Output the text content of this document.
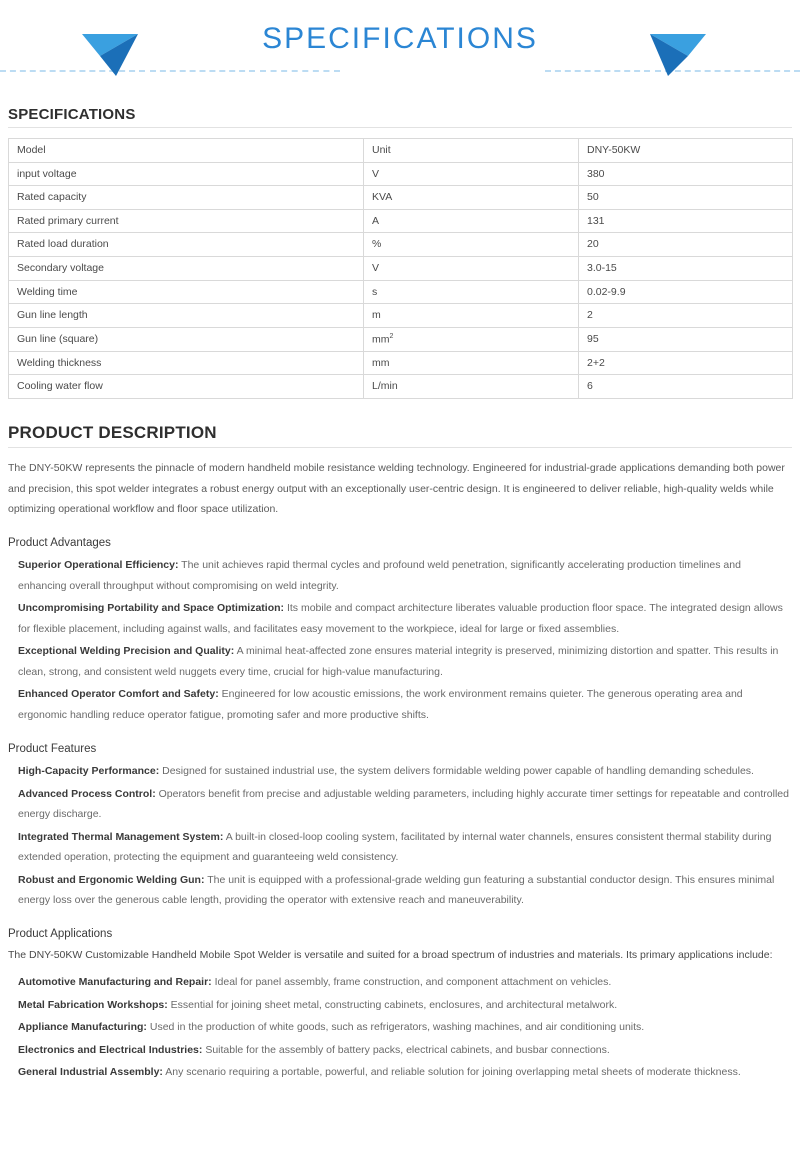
SPECIFICATIONS
SPECIFICATIONS
Model	Unit	DNY-50KW
input voltage	V	380
Rated capacity	KVA	50
Rated primary current	A	131
Rated load duration	%	20
Secondary voltage	V	3.0-15
Welding time	s	0.02-9.9
Gun line length	m	2
Gun line (square)	$mm^2$	95
Welding thickness	mm	2+2
Cooling water flow	L/min	6
PRODUCT DESCRIPTION

The DNY-50KW represents the pinnacle of modern handheld mobile resistance welding technology. Engineered for industrial-grade applications demanding both power and precision, this spot welder integrates a robust energy output with an exceptionally user-centric design. It is engineered to deliver reliable, high-quality welds while optimizing operational workflow and floor space utilization.

Product Advantages
Superior Operational Efficiency: The unit achieves rapid thermal cycles and profound weld penetration, significantly accelerating production timelines and enhancing overall throughput without compromising on weld integrity.
Uncompromising Portability and Space Optimization: Its mobile and compact architecture liberates valuable production floor space. The integrated design allows for flexible placement, including against walls, and facilitates easy movement to the workpiece, ideal for large or fixed assemblies.
Exceptional Welding Precision and Quality: A minimal heat-affected zone ensures material integrity is preserved, minimizing distortion and spatter. This results in clean, strong, and consistent weld nuggets every time, crucial for high-value manufacturing.
Enhanced Operator Comfort and Safety: Engineered for low acoustic emissions, the work environment remains quieter. The generous operating area and ergonomic handling reduce operator fatigue, promoting safer and more productive shifts.
Product Features
High-Capacity Performance: Designed for sustained industrial use, the system delivers formidable welding power capable of handling demanding schedules.
Advanced Process Control: Operators benefit from precise and adjustable welding parameters, including highly accurate timer settings for repeatable and controlled energy discharge.
Integrated Thermal Management System: A built-in closed-loop cooling system, facilitated by internal water channels, ensures consistent thermal stability during extended operation, protecting the equipment and guaranteeing weld consistency.
Robust and Ergonomic Welding Gun: The unit is equipped with a professional-grade welding gun featuring a substantial conductor design. This ensures minimal energy loss over the generous cable length, providing the operator with extensive reach and maneuverability.
Product Applications

The DNY-50KW Customizable Handheld Mobile Spot Welder is versatile and suited for a broad spectrum of industries and materials. Its primary applications include:

Automotive Manufacturing and Repair: Ideal for panel assembly, frame construction, and component attachment on vehicles.
Metal Fabrication Workshops: Essential for joining sheet metal, constructing cabinets, enclosures, and architectural metalwork.
Appliance Manufacturing: Used in the production of white goods, such as refrigerators, washing machines, and air conditioning units.
Electronics and Electrical Industries: Suitable for the assembly of battery packs, electrical cabinets, and busbar connections.
General Industrial Assembly: Any scenario requiring a portable, powerful, and reliable solution for joining overlapping metal sheets of moderate thickness.
